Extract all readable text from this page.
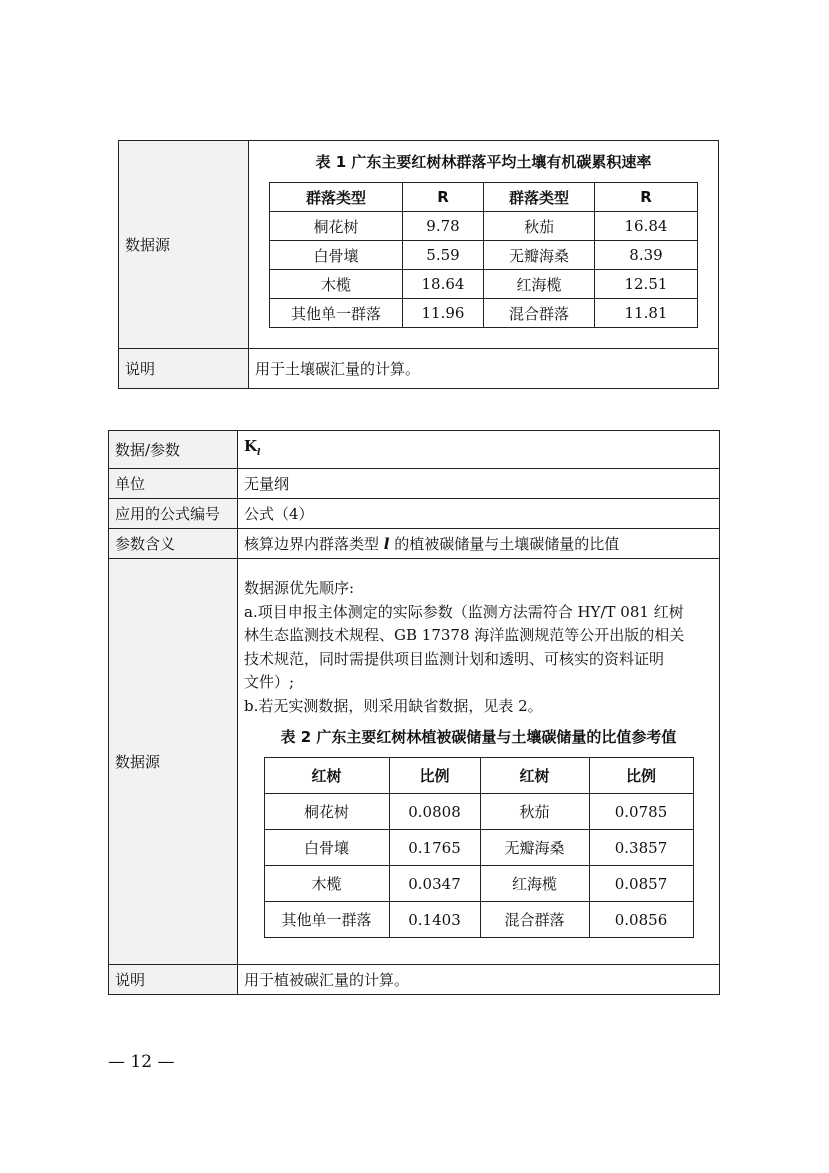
数据源	
表 1 广东主要红树林群落平均土壤有机碳累积速率
群落类型	R	群落类型	R
桐花树	9.78	秋茄	16.84
白骨壤	5.59	无瓣海桑	8.39
木榄	18.64	红海榄	12.51
其他单一群落	11.96	混合群落	11.81

说明	用于土壤碳汇量的计算。
数据/参数	$K_l$
单位	无量纲
应用的公式编号	公式（4）
参数含义	核算边界内群落类型 l 的植被碳储量与土壤碳储量的比值
数据源	
数据源优先顺序:
a.项目申报主体测定的实际参数（监测方法需符合 HY/T 081 红树
林生态监测技术规程、GB 17378 海洋监测规范等公开出版的相关
技术规范，同时需提供项目监测计划和透明、可核实的资料证明
文件）;
b.若无实测数据，则采用缺省数据，见表 2。
表 2 广东主要红树林植被碳储量与土壤碳储量的比值参考值
红树	比例	红树	比例
桐花树	0.0808	秋茄	0.0785
白骨壤	0.1765	无瓣海桑	0.3857
木榄	0.0347	红海榄	0.0857
其他单一群落	0.1403	混合群落	0.0856

说明	用于植被碳汇量的计算。
— 12 —
